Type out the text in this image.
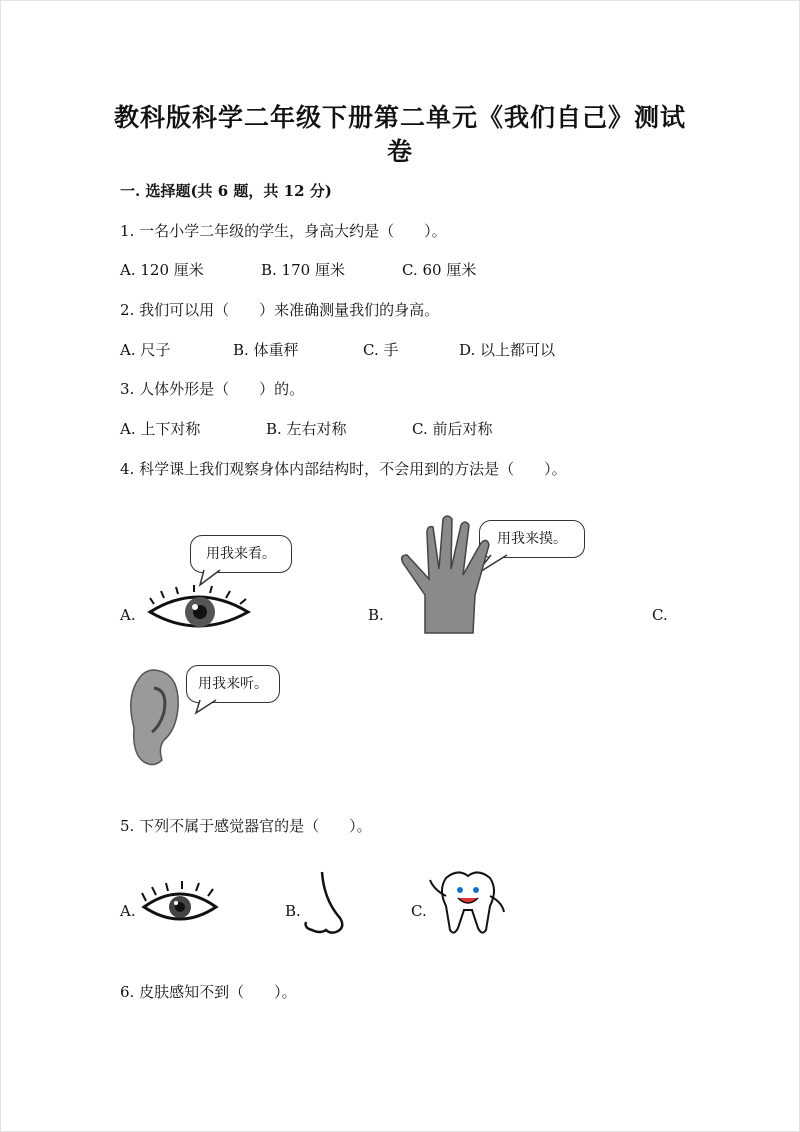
教科版科学二年级下册第二单元《我们自己》测试
卷
一. 选择题(共 6 题，共 12 分)
1. 一名小学二年级的学生，身高大约是（　　）。
A. 120 厘米	B. 170 厘米	C. 60 厘米
2. 我们可以用（　　）来准确测量我们的身高。
A. 尺子	B. 体重秤	C. 手	D. 以上都可以
3. 人体外形是（　　）的。
A. 上下对称	B. 左右对称	C. 前后对称
4. 科学课上我们观察身体内部结构时，不会用到的方法是（　　）。
用我来看。
A.
用我来摸。
B.	C.
用我来听。
5. 下列不属于感觉器官的是（　　）。
A.	B.	C.
6. 皮肤感知不到（　　）。
